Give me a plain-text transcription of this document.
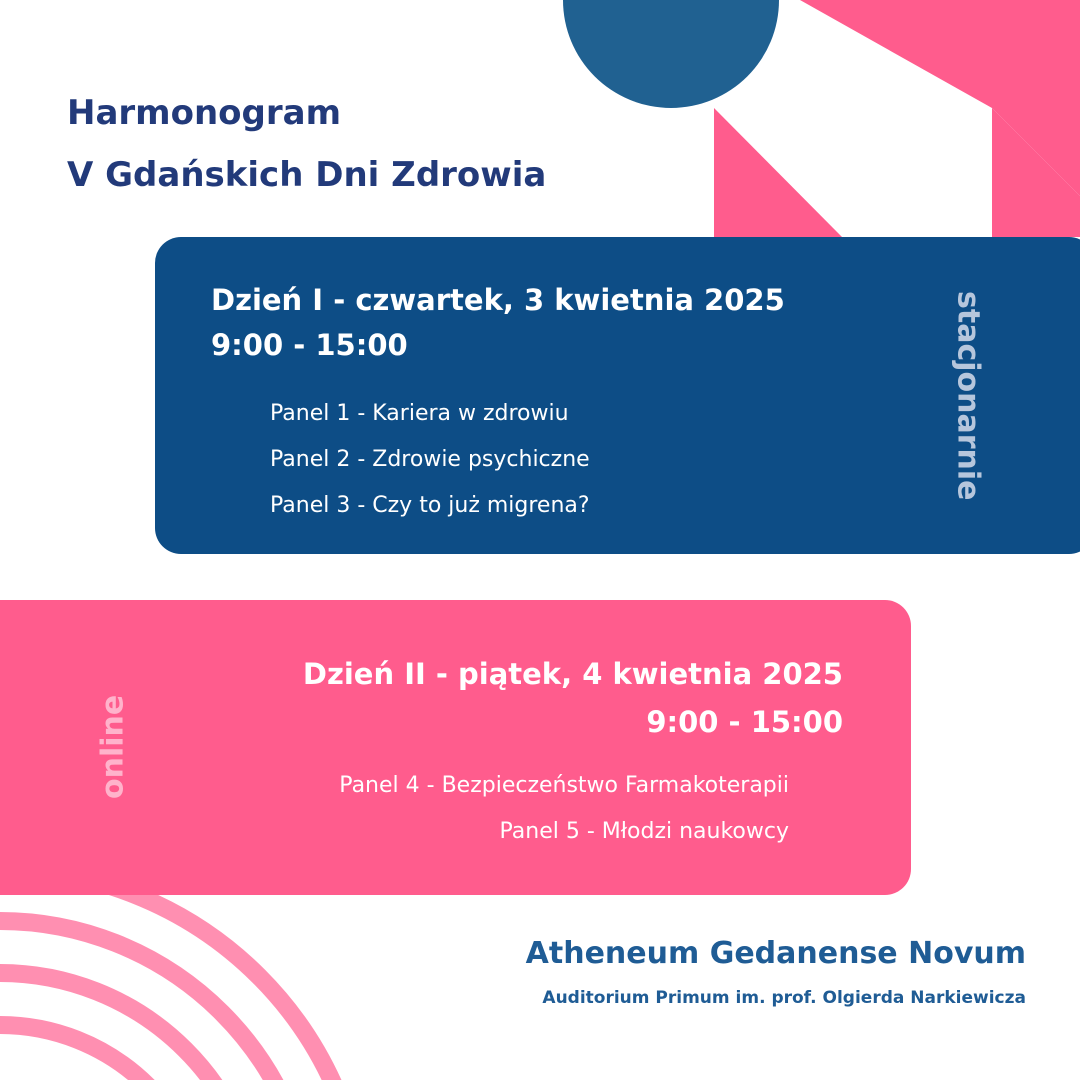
Harmonogram
V Gdańskich Dni Zdrowia
Dzień I - czwartek, 3 kwietnia 2025
9:00 - 15:00
Panel 1 - Kariera w zdrowiu
Panel 2 - Zdrowie psychiczne
Panel 3 - Czy to już migrena?
stacjonarnie
Dzień II - piątek, 4 kwietnia 2025
9:00 - 15:00
Panel 4 - Bezpieczeństwo Farmakoterapii
Panel 5 - Młodzi naukowcy
online
Atheneum Gedanense Novum
Auditorium Primum im. prof. Olgierda Narkiewicza
